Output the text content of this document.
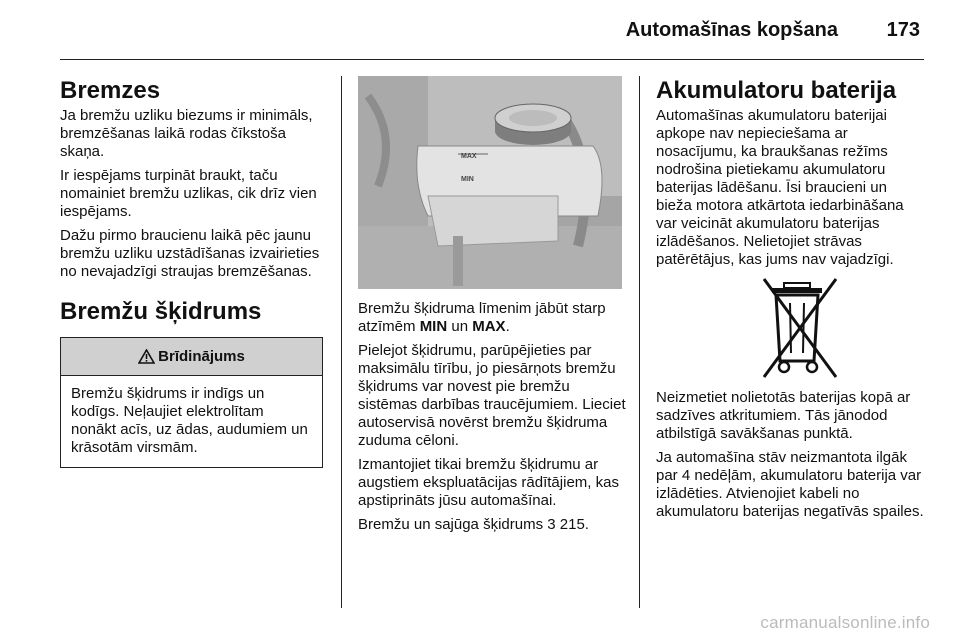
Automašīnas kopšana 173
Bremzes

Ja bremžu uzliku biezums ir minimāls, bremzēšanas laikā rodas čīkstoša skaņa.

Ir iespējams turpināt braukt, taču nomainiet bremžu uzlikas, cik drīz vien iespējams.

Dažu pirmo braucienu laikā pēc jaunu bremžu uzliku uzstādīšanas izvairieties no nevajadzīgi straujas bremzēšanas.

Bremžu šķidrums
Brīdinājums
Bremžu šķidrums ir indīgs un kodīgs. Neļaujiet elektrolītam nonākt acīs, uz ādas, audumiem un krāsotām virsmām.
MAX
MIN

Bremžu šķidruma līmenim jābūt starp atzīmēm MIN un MAX.

Pielejot šķidrumu, parūpējieties par maksimālu tīrību, jo piesārņots bremžu šķidrums var novest pie bremžu sistēmas darbības traucējumiem. Lieciet autoservisā novērst bremžu šķidruma zuduma cēloni.

Izmantojiet tikai bremžu šķidrumu ar augstiem ekspluatācijas rādītājiem, kas apstiprināts jūsu automašīnai.

Bremžu un sajūga šķidrums 3 215.

Akumulatoru baterija

Automašīnas akumulatoru baterijai apkope nav nepieciešama ar nosacījumu, ka braukšanas režīms nodrošina pietiekamu akumulatoru baterijas lādēšanu. Īsi braucieni un bieža motora atkārtota iedarbināšana var veicināt akumulatoru baterijas izlādēšanos. Nelietojiet strāvas patērētājus, kas jums nav vajadzīgi.

Neizmetiet nolietotās baterijas kopā ar sadzīves atkritumiem. Tās jānodod atbilstīgā savākšanas punktā.

Ja automašīna stāv neizmantota ilgāk par 4 nedēļām, akumulatoru baterija var izlādēties. Atvienojiet kabeli no akumulatoru baterijas negatīvās spailes.

carmanualsonline.info
